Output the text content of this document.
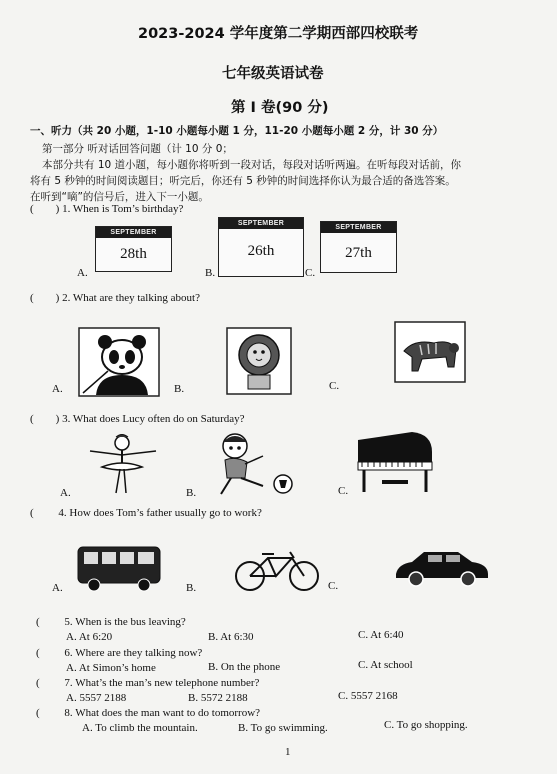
2023-2024 学年度第二学期西部四校联考
七年级英语试卷
第 I 卷(90 分)
一、听力（共 20 小题，1-10 小题每小题 1 分，11-20 小题每小题 2 分，计 30 分）
第一部分 听对话回答问题（计 10 分 0；
本部分共有 10 道小题，每小题你将听到一段对话，每段对话听两遍。在听每段对话前，你
将有 5 秒钟的时间阅读题目；听完后，你还有 5 秒钟的时间选择你认为最合适的备选答案。
在听到“嘀”的信号后，进入下一小题。
( ) 1. When is Tom’s birthday?
SEPTEMBER
28th
SEPTEMBER
26th
SEPTEMBER
27th
A.	B.	C.
( ) 2. What are they talking about?
A.	B.	C.
( ) 3. What does Lucy often do on Saturday?
A.	B.	C.
( 4. How does Tom’s father usually go to work?
A.	B.	C.
( 5. When is the bus leaving?
A. At 6:20	B. At 6:30	C. At 6:40
( 6. Where are they talking now?
A. At Simon’s home	B. On the phone	C. At school
( 7. What’s the man’s new telephone number?
A. 5557 2188	B. 5572 2188	C. 5557 2168
( 8. What does the man want to do tomorrow?
A. To climb the mountain.	B. To go swimming.	C. To go shopping.
1
